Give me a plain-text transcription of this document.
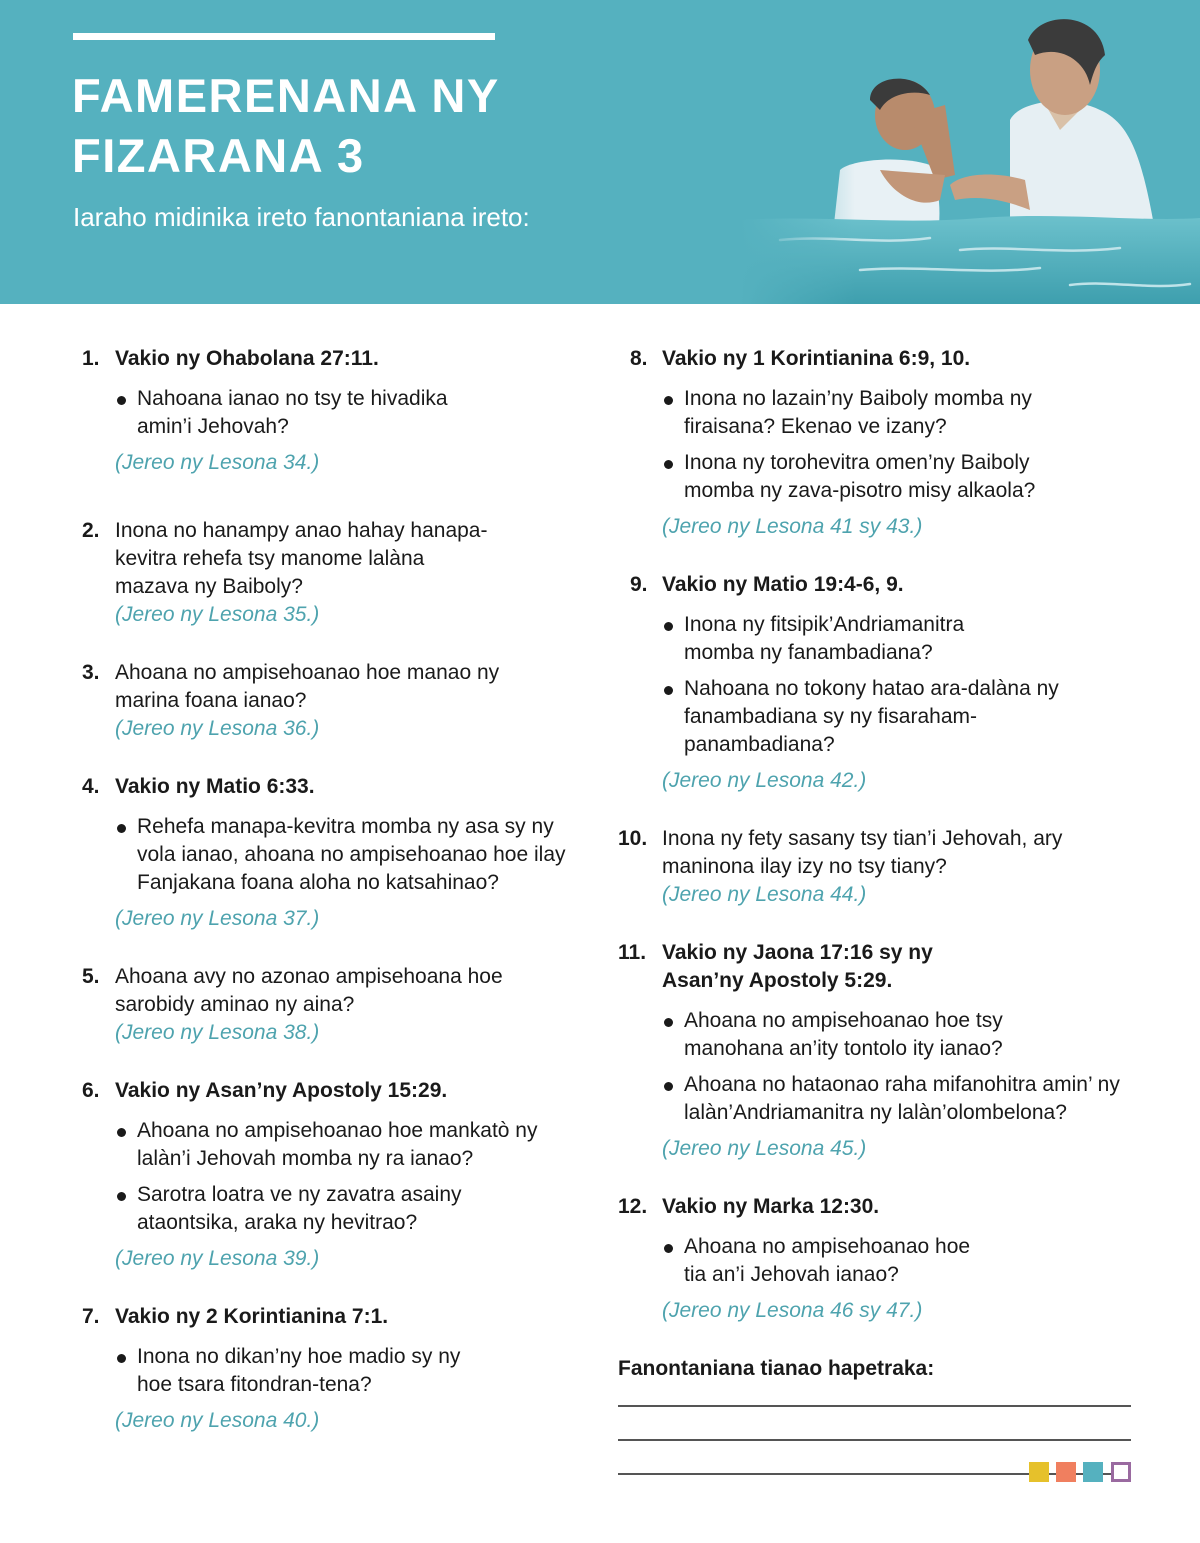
FAMERENANA NY
FIZARANA 3
Iaraho midinika ireto fanontaniana ireto:
1. Vakio ny Ohabolana 27:11.
Nahoana ianao no tsy te hivadika amin’i Jehovah?
(Jereo ny Lesona 34.)
2. Inona no hanampy anao hahay hanapa-kevitra rehefa tsy manome lalàna mazava ny Baiboly?
(Jereo ny Lesona 35.)
3. Ahoana no ampisehoanao hoe manao ny marina foana ianao?
(Jereo ny Lesona 36.)
4. Vakio ny Matio 6:33.
Rehefa manapa-kevitra momba ny asa sy ny vola ianao, ahoana no ampisehoanao hoe ilay Fanjakana foana aloha no katsahinao?
(Jereo ny Lesona 37.)
5. Ahoana avy no azonao ampisehoana hoe sarobidy aminao ny aina?
(Jereo ny Lesona 38.)
6. Vakio ny Asan’ny Apostoly 15:29.
Ahoana no ampisehoanao hoe mankatò ny lalàn’i Jehovah momba ny ra ianao?
Sarotra loatra ve ny zavatra asainy ataontsika, araka ny hevitrao?
(Jereo ny Lesona 39.)
7. Vakio ny 2 Korintianina 7:1.
Inona no dikan’ny hoe madio sy ny hoe tsara fitondran-tena?
(Jereo ny Lesona 40.)
8. Vakio ny 1 Korintianina 6:9, 10.
Inona no lazain’ny Baiboly momba ny firaisana? Ekenao ve izany?
Inona ny torohevitra omen’ny Baiboly momba ny zava-pisotro misy alkaola?
(Jereo ny Lesona 41 sy 43.)
9. Vakio ny Matio 19:4-6, 9.
Inona ny fitsipik’Andriamanitra momba ny fanambadiana?
Nahoana no tokony hatao ara-dalàna ny fanambadiana sy ny fisaraham-panambadiana?
(Jereo ny Lesona 42.)
10. Inona ny fety sasany tsy tian’i Jehovah, ary maninona ilay izy no tsy tiany?
(Jereo ny Lesona 44.)
11. Vakio ny Jaona 17:16 sy ny Asan’ny Apostoly 5:29.
Ahoana no ampisehoanao hoe tsy manohana an’ity tontolo ity ianao?
Ahoana no hataonao raha mifanohitra amin’ ny lalàn’Andriamanitra ny lalàn’olombelona?
(Jereo ny Lesona 45.)
12. Vakio ny Marka 12:30.
Ahoana no ampisehoanao hoe tia an’i Jehovah ianao?
(Jereo ny Lesona 46 sy 47.)
Fanontaniana tianao hapetraka:
